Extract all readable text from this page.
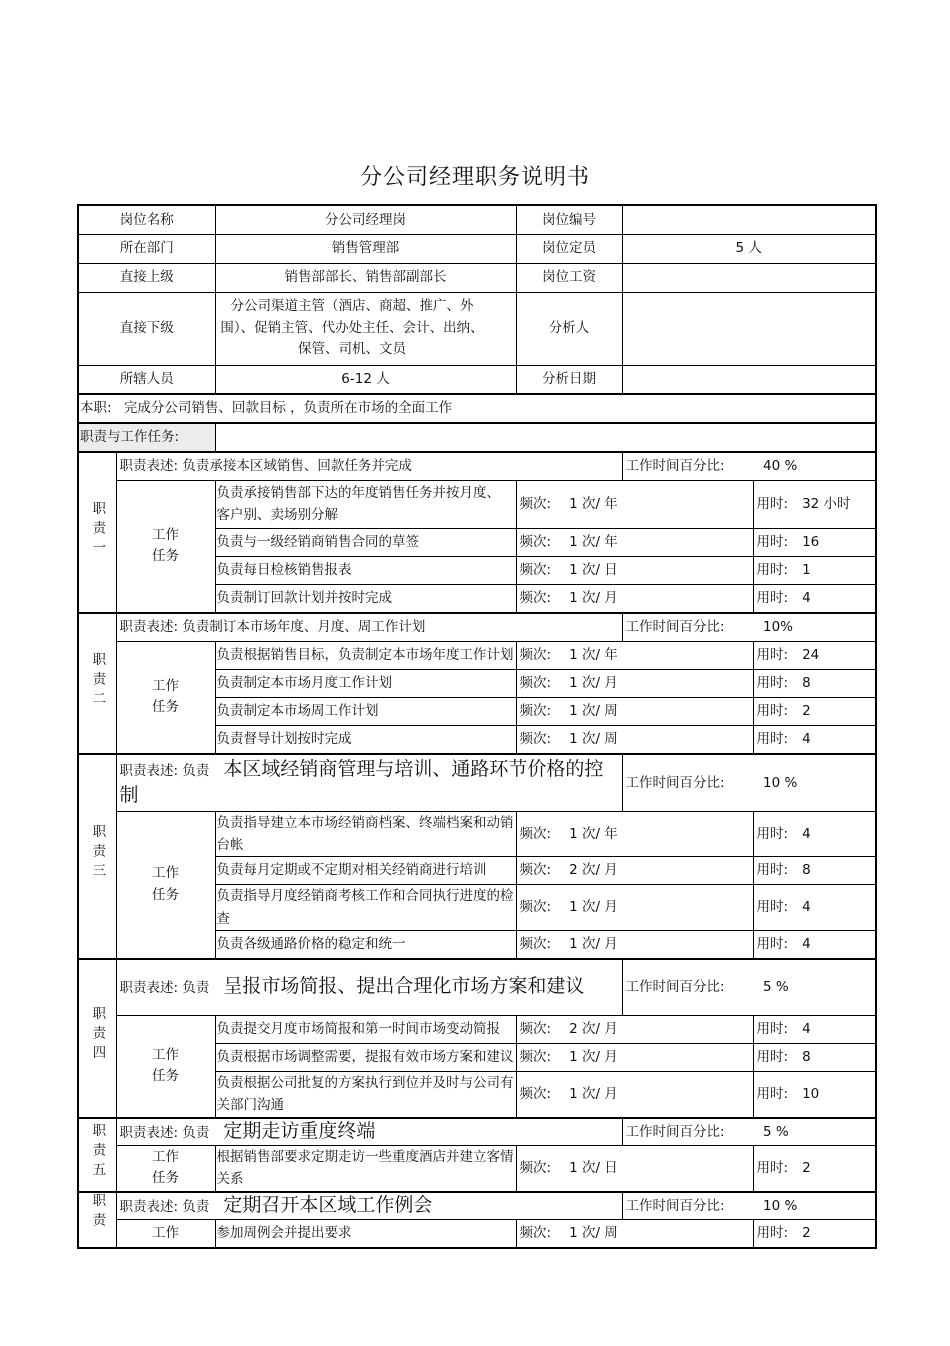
分公司经理职务说明书
岗位名称		分公司经理岗	岗位编号		
所在部门		销售管理部	岗位定员	5 人	
直接上级		销售部部长、销售部副部长	岗位工资		
直接下级		分公司渠道主管（酒店、商超、推广、外围）、促销主管、代办处主任、会计、出纳、保管、司机、文员	分析人		
所辖人员		6-12 人	分析日期		
本职: 完成分公司销售、回款目标 ，负责所在市场的全面工作					
职责与工作任务:					
职责一	职责表述: 负责承接本区域销售、回款任务并完成			工作时间百分比:	40 %
	工作任务	负责承接销售部下达的年度销售任务并按月度、　　　客户别、卖场别分解	频次: 1 次/ 年		用时: 32 小时
		负责与一级经销商销售合同的草签	频次: 1 次/ 年		用时: 16
		负责每日检核销售报表	频次: 1 次/ 日		用时: 1
		负责制订回款计划并按时完成	频次: 1 次/ 月		用时: 4
职责二	职责表述: 负责制订本市场年度、月度、周工作计划			工作时间百分比:	10%
	工作任务	负责根据销售目标，负责制定本市场年度工作计划	频次: 1 次/ 年		用时: 24
		负责制定本市场月度工作计划	频次: 1 次/ 月		用时: 8
		负责制定本市场周工作计划	频次: 1 次/ 周		用时: 2
		负责督导计划按时完成	频次: 1 次/ 周		用时: 4
职责三	职责表述: 负责 本区域经销商管理与培训、通路环节价格的控制			工作时间百分比:	10 %
	工作任务	负责指导建立本市场经销商档案、终端档案和动销台帐	频次: 1 次/ 年		用时: 4
		负责每月定期或不定期对相关经销商进行培训	频次: 2 次/ 月		用时: 8
		负责指导月度经销商考核工作和合同执行进度的检查	频次: 1 次/ 月		用时: 4
		负责各级通路价格的稳定和统一	频次: 1 次/ 月		用时: 4
职责四	职责表述: 负责 呈报市场简报、提出合理化市场方案和建议			工作时间百分比:	5 %
	工作任务	负责提交月度市场简报和第一时间市场变动简报	频次: 2 次/ 月		用时: 4
		负责根据市场调整需要，提报有效市场方案和建议	频次: 1 次/ 月		用时: 8
		负责根据公司批复的方案执行到位并及时与公司有关部门沟通	频次: 1 次/ 月		用时: 10
职责五	职责表述: 负责 定期走访重度终端			工作时间百分比:	5 %
	工作任务	根据销售部要求定期走访一些重度酒店并建立客情关系	频次: 1 次/ 日		用时: 2
职责	职责表述: 负责 定期召开本区域工作例会			工作时间百分比:	10 %
	工作	参加周例会并提出要求	频次: 1 次/ 周		用时: 2
